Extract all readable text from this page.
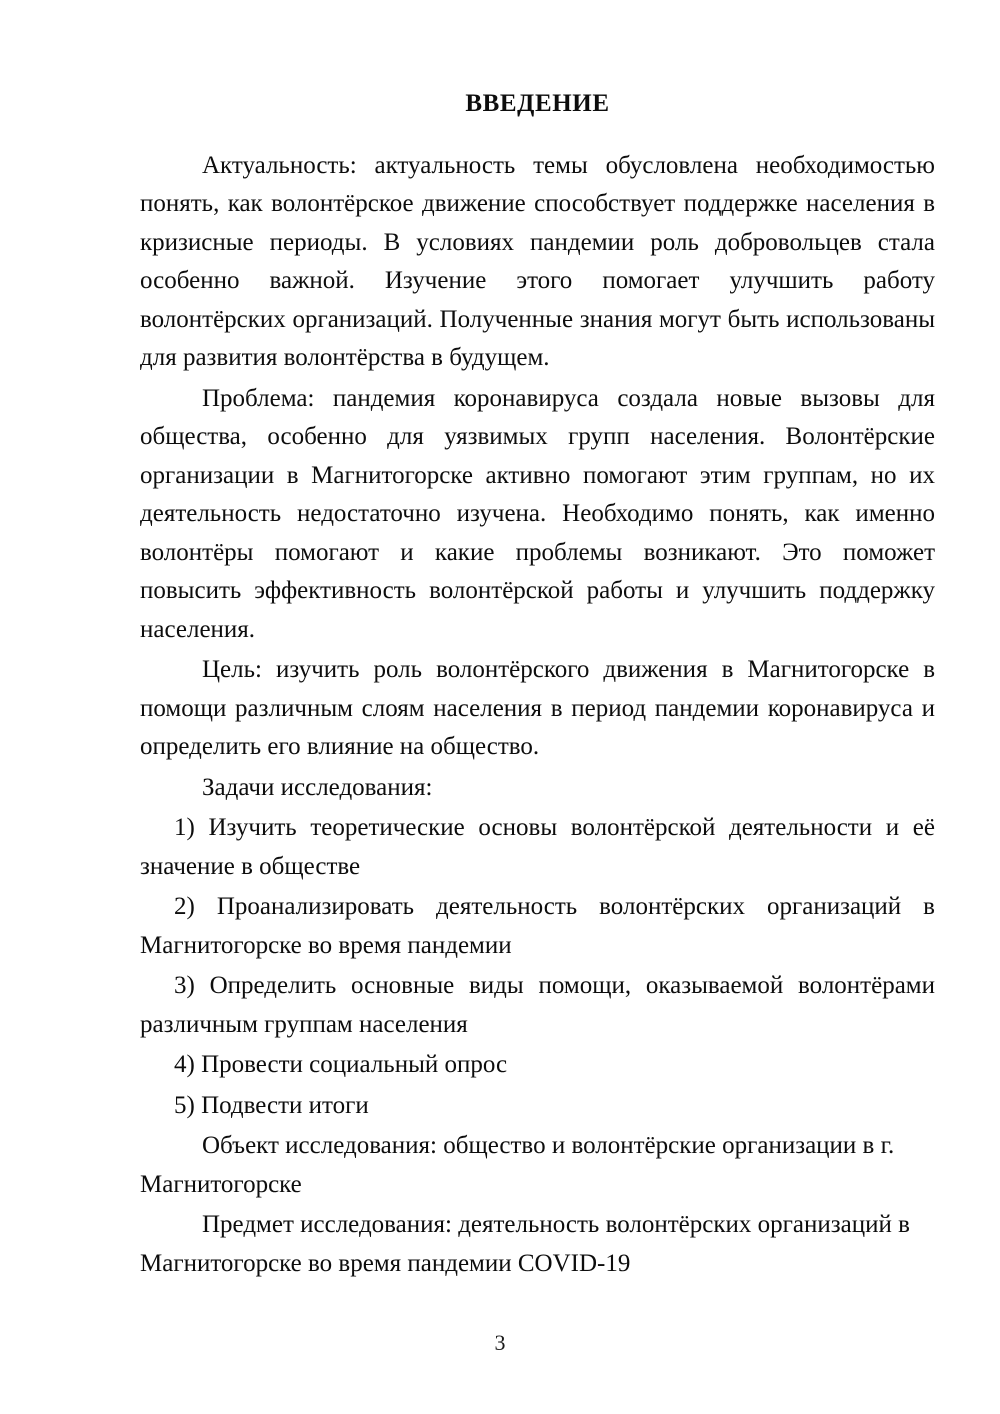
ВВЕДЕНИЕ

Актуальность: актуальность темы обусловлена необходимостью понять, как волонтёрское движение способствует поддержке населения в кризисные периоды. В условиях пандемии роль добровольцев стала особенно важной. Изучение этого помогает улучшить работу волонтёрских организаций. Полученные знания могут быть использованы для развития волонтёрства в будущем.

Проблема: пандемия коронавируса создала новые вызовы для общества, особенно для уязвимых групп населения. Волонтёрские организации в Магнитогорске активно помогают этим группам, но их деятельность недостаточно изучена. Необходимо понять, как именно волонтёры помогают и какие проблемы возникают. Это поможет повысить эффективность волонтёрской работы и улучшить поддержку населения.

Цель: изучить роль волонтёрского движения в Магнитогорске в помощи различным слоям населения в период пандемии коронавируса и определить его влияние на общество.

Задачи исследования:

1) Изучить теоретические основы волонтёрской деятельности и её значение в обществе

2) Проанализировать деятельность волонтёрских организаций в Магнитогорске во время пандемии

3) Определить основные виды помощи, оказываемой волонтёрами различным группам населения

4) Провести социальный опрос

5) Подвести итоги

Объект исследования: общество и волонтёрские организации в г. Магнитогорске

Предмет исследования: деятельность волонтёрских организаций в Магнитогорске во время пандемии COVID-19

3
